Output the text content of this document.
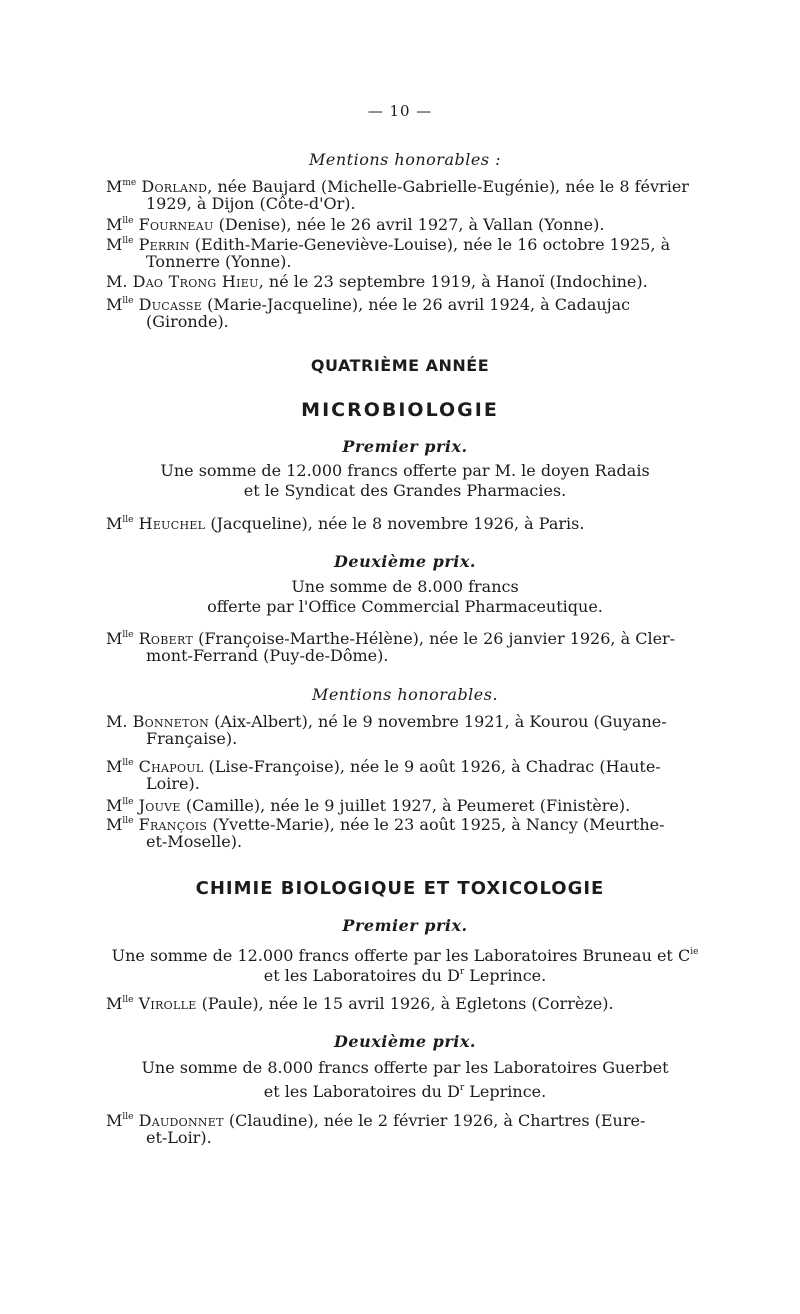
— 10 —
Mentions honorables :
$M^{me}$ Dorland, née Baujard (Michelle-Gabrielle-Eugénie), née le 8 février
1929, à Dijon (Côte-d'Or).
$M^{lle}$ Fourneau (Denise), née le 26 avril 1927, à Vallan (Yonne).
$M^{lle}$ Perrin (Edith-Marie-Geneviève-Louise), née le 16 octobre 1925, à
Tonnerre (Yonne).
M. Dao Trong Hieu, né le 23 septembre 1919, à Hanoï (Indochine).
$M^{lle}$ Ducasse (Marie-Jacqueline), née le 26 avril 1924, à Cadaujac
(Gironde).
QUATRIÈME ANNÉE
MICROBIOLOGIE
Premier prix.
Une somme de 12.000 francs offerte par M. le doyen Radais
et le Syndicat des Grandes Pharmacies.
$M^{lle}$ Heuchel (Jacqueline), née le 8 novembre 1926, à Paris.
Deuxième prix.
Une somme de 8.000 francs
offerte par l'Office Commercial Pharmaceutique.
$M^{lle}$ Robert (Françoise-Marthe-Hélène), née le 26 janvier 1926, à Cler-
mont-Ferrand (Puy-de-Dôme).
Mentions honorables.
M. Bonneton (Aix-Albert), né le 9 novembre 1921, à Kourou (Guyane-
Française).
$M^{lle}$ Chapoul (Lise-Françoise), née le 9 août 1926, à Chadrac (Haute-
Loire).
$M^{lle}$ Jouve (Camille), née le 9 juillet 1927, à Peumeret (Finistère).
$M^{lle}$ François (Yvette-Marie), née le 23 août 1925, à Nancy (Meurthe-
et-Moselle).
CHIMIE BIOLOGIQUE ET TOXICOLOGIE
Premier prix.
Une somme de 12.000 francs offerte par les Laboratoires Bruneau et $C^{ie}$
et les Laboratoires du $D^r$ Leprince.
$M^{lle}$ Virolle (Paule), née le 15 avril 1926, à Egletons (Corrèze).
Deuxième prix.
Une somme de 8.000 francs offerte par les Laboratoires Guerbet
et les Laboratoires du $D^r$ Leprince.
$M^{lle}$ Daudonnet (Claudine), née le 2 février 1926, à Chartres (Eure-
et-Loir).
